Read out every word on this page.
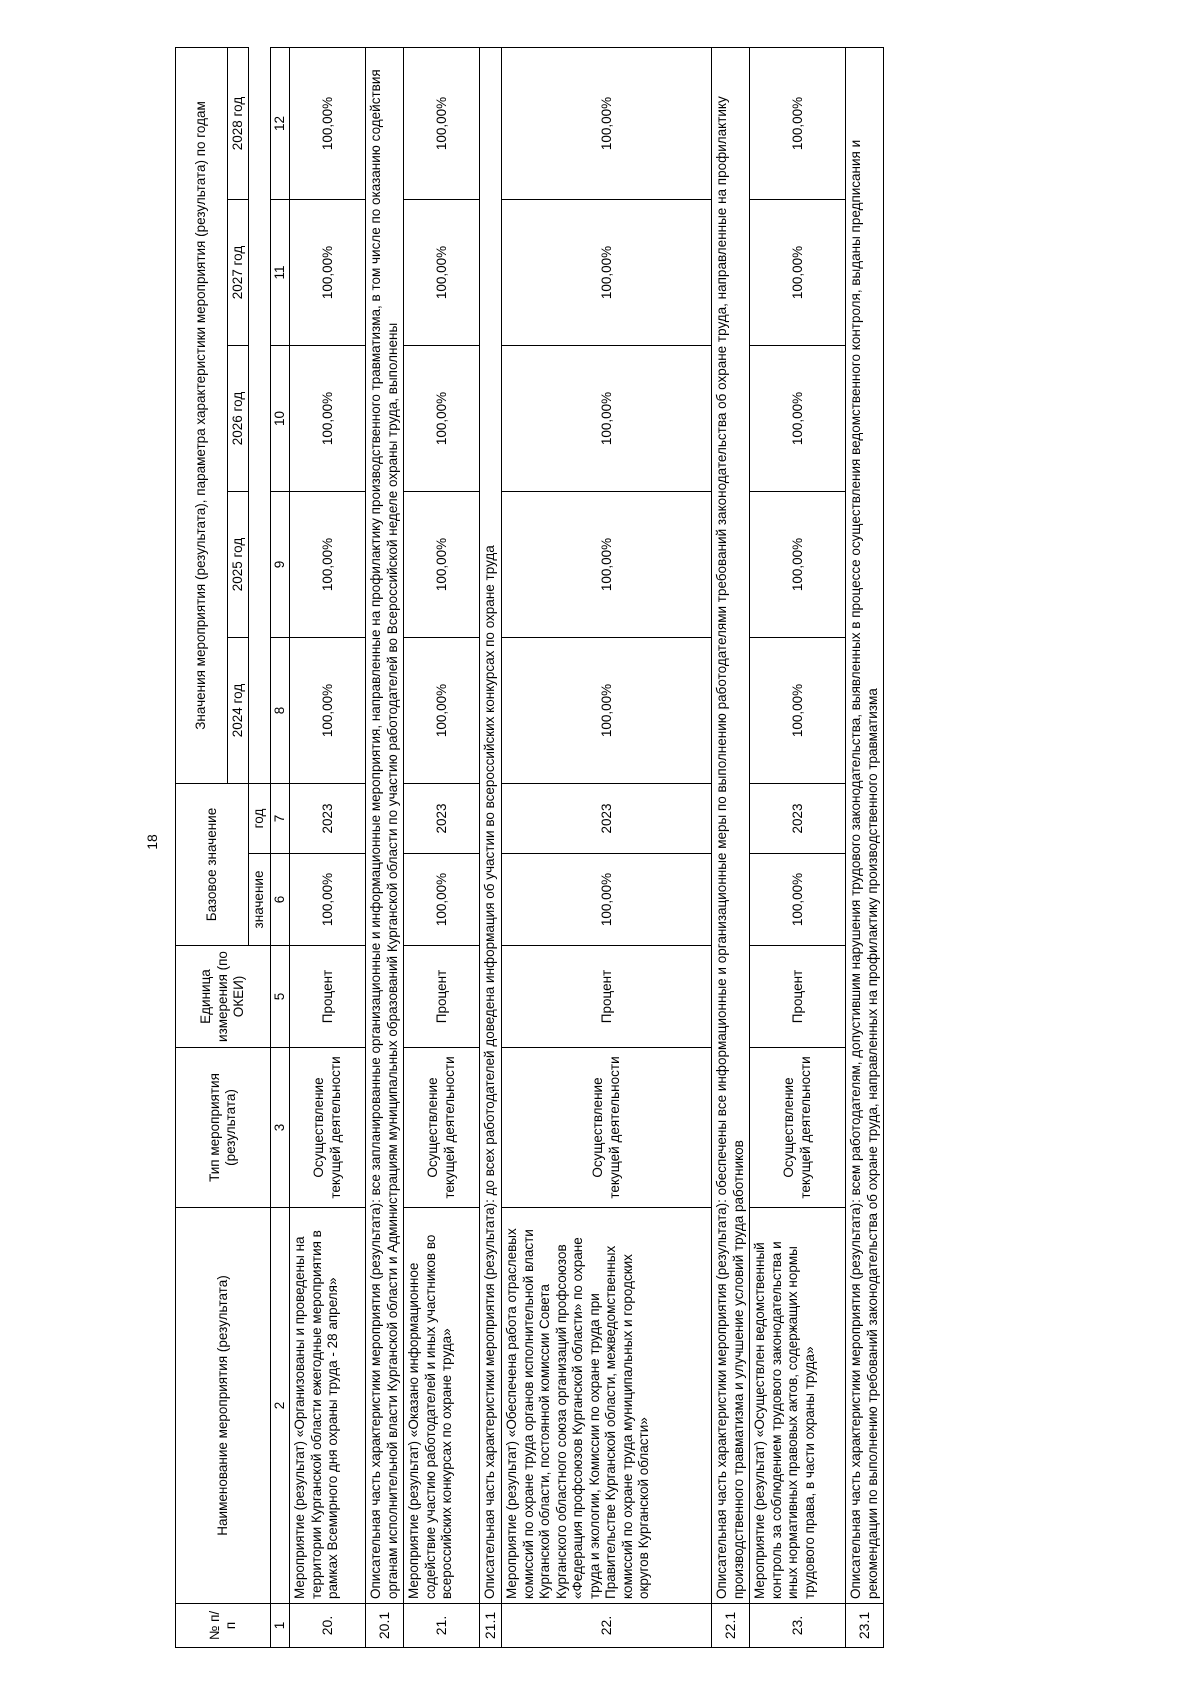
18
№ п/п	Наименование мероприятия (результата)	Тип мероприятия (результата)	Единица измерения (по ОКЕИ)	Базовое значение		Значения мероприятия (результата), параметра характеристики мероприятия (результата) по годам				
						2024 год	2025 год	2026 год	2027 год	2028 год
				значение	год					
1	2	3	5	6	7	8	9	10	11	12
20.	Мероприятие (результат) «Организованы и проведены на территории Курганской области ежегодные мероприятия в рамках Всемирного дня охраны труда - 28 апреля»	Осуществление текущей деятельности	Процент	100,00%	2023	100,00%	100,00%	100,00%	100,00%	100,00%
20.1	Описательная часть характеристики мероприятия (результата): все запланированные организационные и информационные мероприятия, направленные на профилактику производственного травматизма, в том числе по оказанию содействия органам исполнительной власти Курганской области и Администрациям муниципальных образований Курганской области по участию работодателей во Всероссийской неделе охраны труда, выполнены									
21.	Мероприятие (результат) «Оказано информационное содействие участию работодателей и иных участников во всероссийских конкурсах по охране труда»	Осуществление текущей деятельности	Процент	100,00%	2023	100,00%	100,00%	100,00%	100,00%	100,00%
21.1	Описательная часть характеристики мероприятия (результата): до всех работодателей доведена информация об участии во всероссийских конкурсах по охране труда									
22.	Мероприятие (результат) «Обеспечена работа отраслевых комиссий по охране труда органов исполнительной власти Курганской области, постоянной комиссии Совета Курганского областного союза организаций профсоюзов «Федерация профсоюзов Курганской области» по охране труда и экологии, Комиссии по охране труда при Правительстве Курганской области, межведомственных комиссий по охране труда муниципальных и городских округов Курганской области»	Осуществление текущей деятельности	Процент	100,00%	2023	100,00%	100,00%	100,00%	100,00%	100,00%
22.1	Описательная часть характеристики мероприятия (результата): обеспечены все информационные и организационные меры по выполнению работодателями требований законодательства об охране труда, направленные на профилактику производственного травматизма и улучшение условий труда работников									
23.	Мероприятие (результат) «Осуществлен ведомственный контроль за соблюдением трудового законодательства и иных нормативных правовых актов, содержащих нормы трудового права, в части охраны труда»	Осуществление текущей деятельности	Процент	100,00%	2023	100,00%	100,00%	100,00%	100,00%	100,00%
23.1	Описательная часть характеристики мероприятия (результата): всем работодателям, допустившим нарушения трудового законодательства, выявленных в процессе осуществления ведомственного контроля, выданы предписания и рекомендации по выполнению требований законодательства об охране труда, направленных на профилактику производственного травматизма									
